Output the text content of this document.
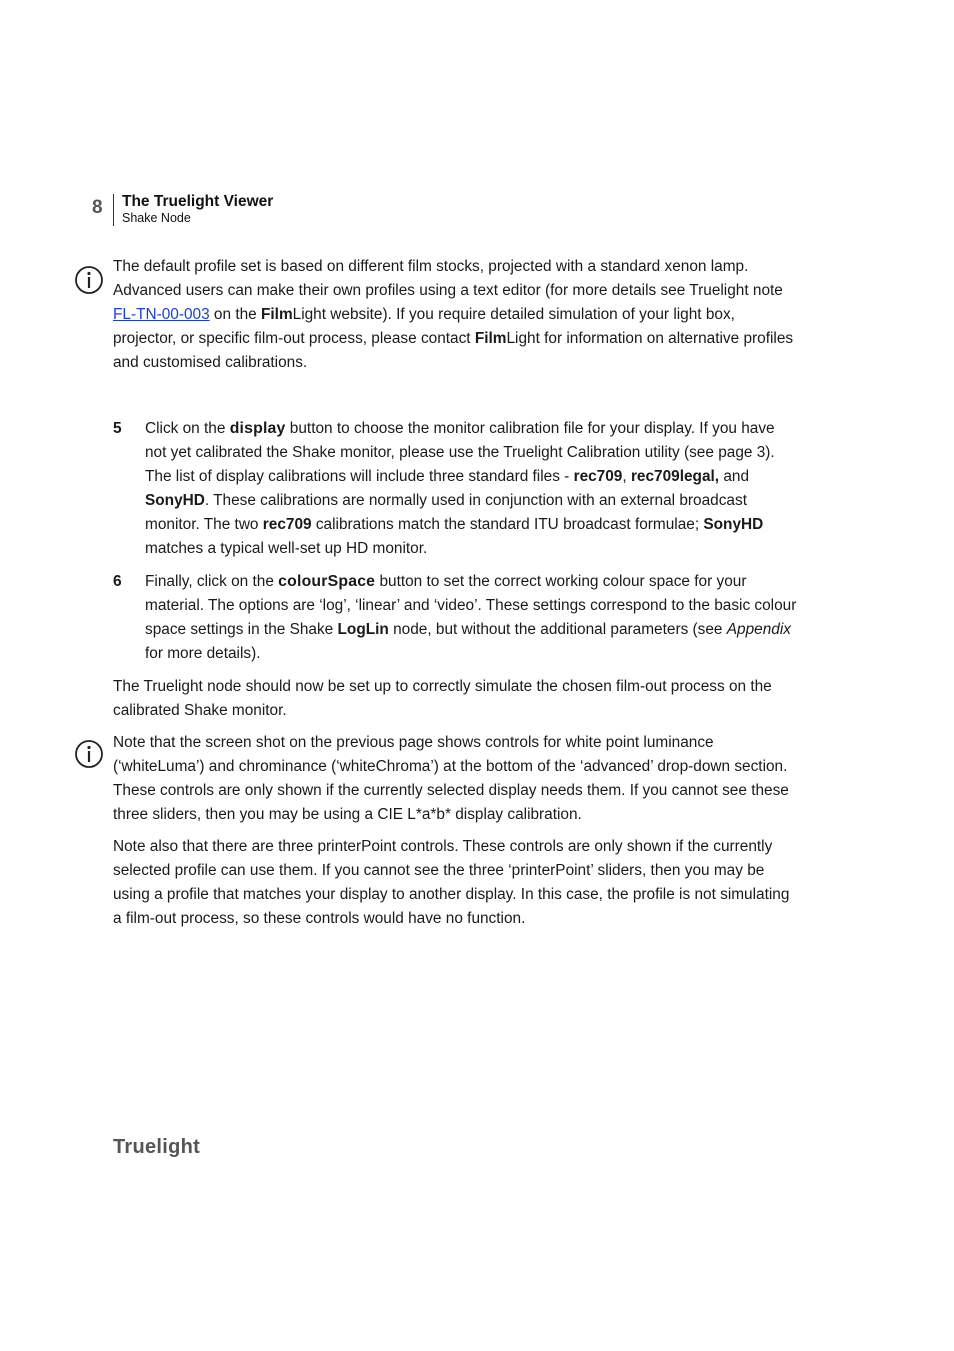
8 The Truelight Viewer
Shake Node

The default profile set is based on different film stocks, projected with a standard xenon lamp. Advanced users can make their own profiles using a text editor (for more details see Truelight note FL-TN-00-003 on the FilmLight website). If you require detailed simulation of your light box, projector, or specific film-out process, please contact FilmLight for information on alternative profiles and customised calibrations.

5 Click on the display button to choose the monitor calibration file for your display. If you have not yet calibrated the Shake monitor, please use the Truelight Calibration utility (see page 3). The list of display calibrations will include three standard files - rec709, rec709legal, and SonyHD. These calibrations are normally used in conjunction with an external broadcast monitor. The two rec709 calibrations match the standard ITU broadcast formulae; SonyHD matches a typical well-set up HD monitor.

6 Finally, click on the colourSpace button to set the correct working colour space for your material. The options are ‘log’, ‘linear’ and ‘video’. These settings correspond to the basic colour space settings in the Shake LogLin node, but without the additional parameters (see Appendix for more details).

The Truelight node should now be set up to correctly simulate the chosen film-out process on the calibrated Shake monitor.

Note that the screen shot on the previous page shows controls for white point luminance (‘whiteLuma’) and chrominance (‘whiteChroma’) at the bottom of the ‘advanced’ drop-down section. These controls are only shown if the currently selected display needs them. If you cannot see these three sliders, then you may be using a CIE L*a*b* display calibration.

Note also that there are three printerPoint controls. These controls are only shown if the currently selected profile can use them. If you cannot see the three ‘printerPoint’ sliders, then you may be using a profile that matches your display to another display. In this case, the profile is not simulating a film-out process, so these controls would have no function.

Truelight
